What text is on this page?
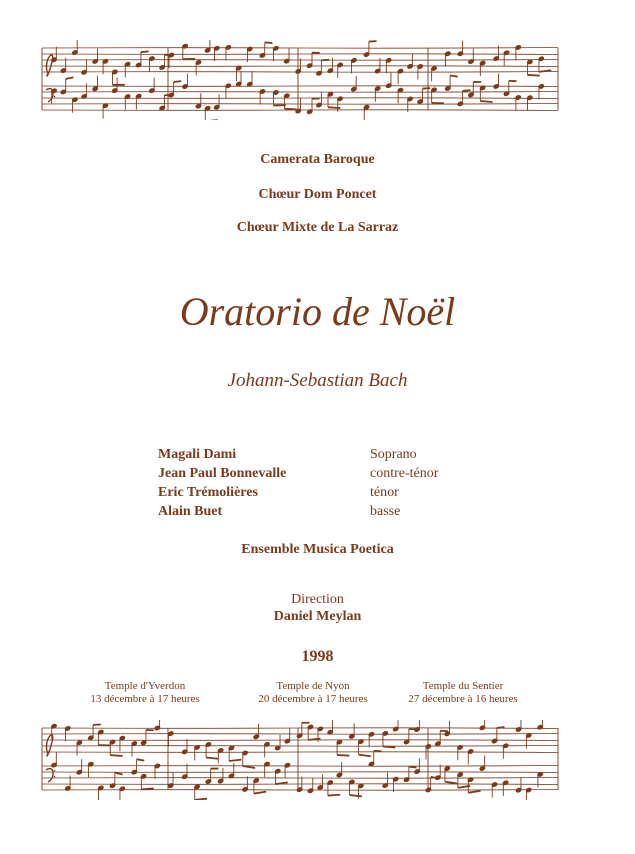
Camerata Baroque
Chœur Dom Poncet
Chœur Mixte de La Sarraz
Oratorio de Noël
Johann-Sebastian Bach
Magali Dami	Soprano
Jean Paul Bonnevalle	contre-ténor
Eric Trémolières	ténor
Alain Buet	basse
Ensemble Musica Poetica
Direction
Daniel Meylan
1998
Temple d'Yverdon
13 décembre à 17 heures
Temple de Nyon
20 décembre à 17 heures
Temple du Sentier
27 décembre à 16 heures
